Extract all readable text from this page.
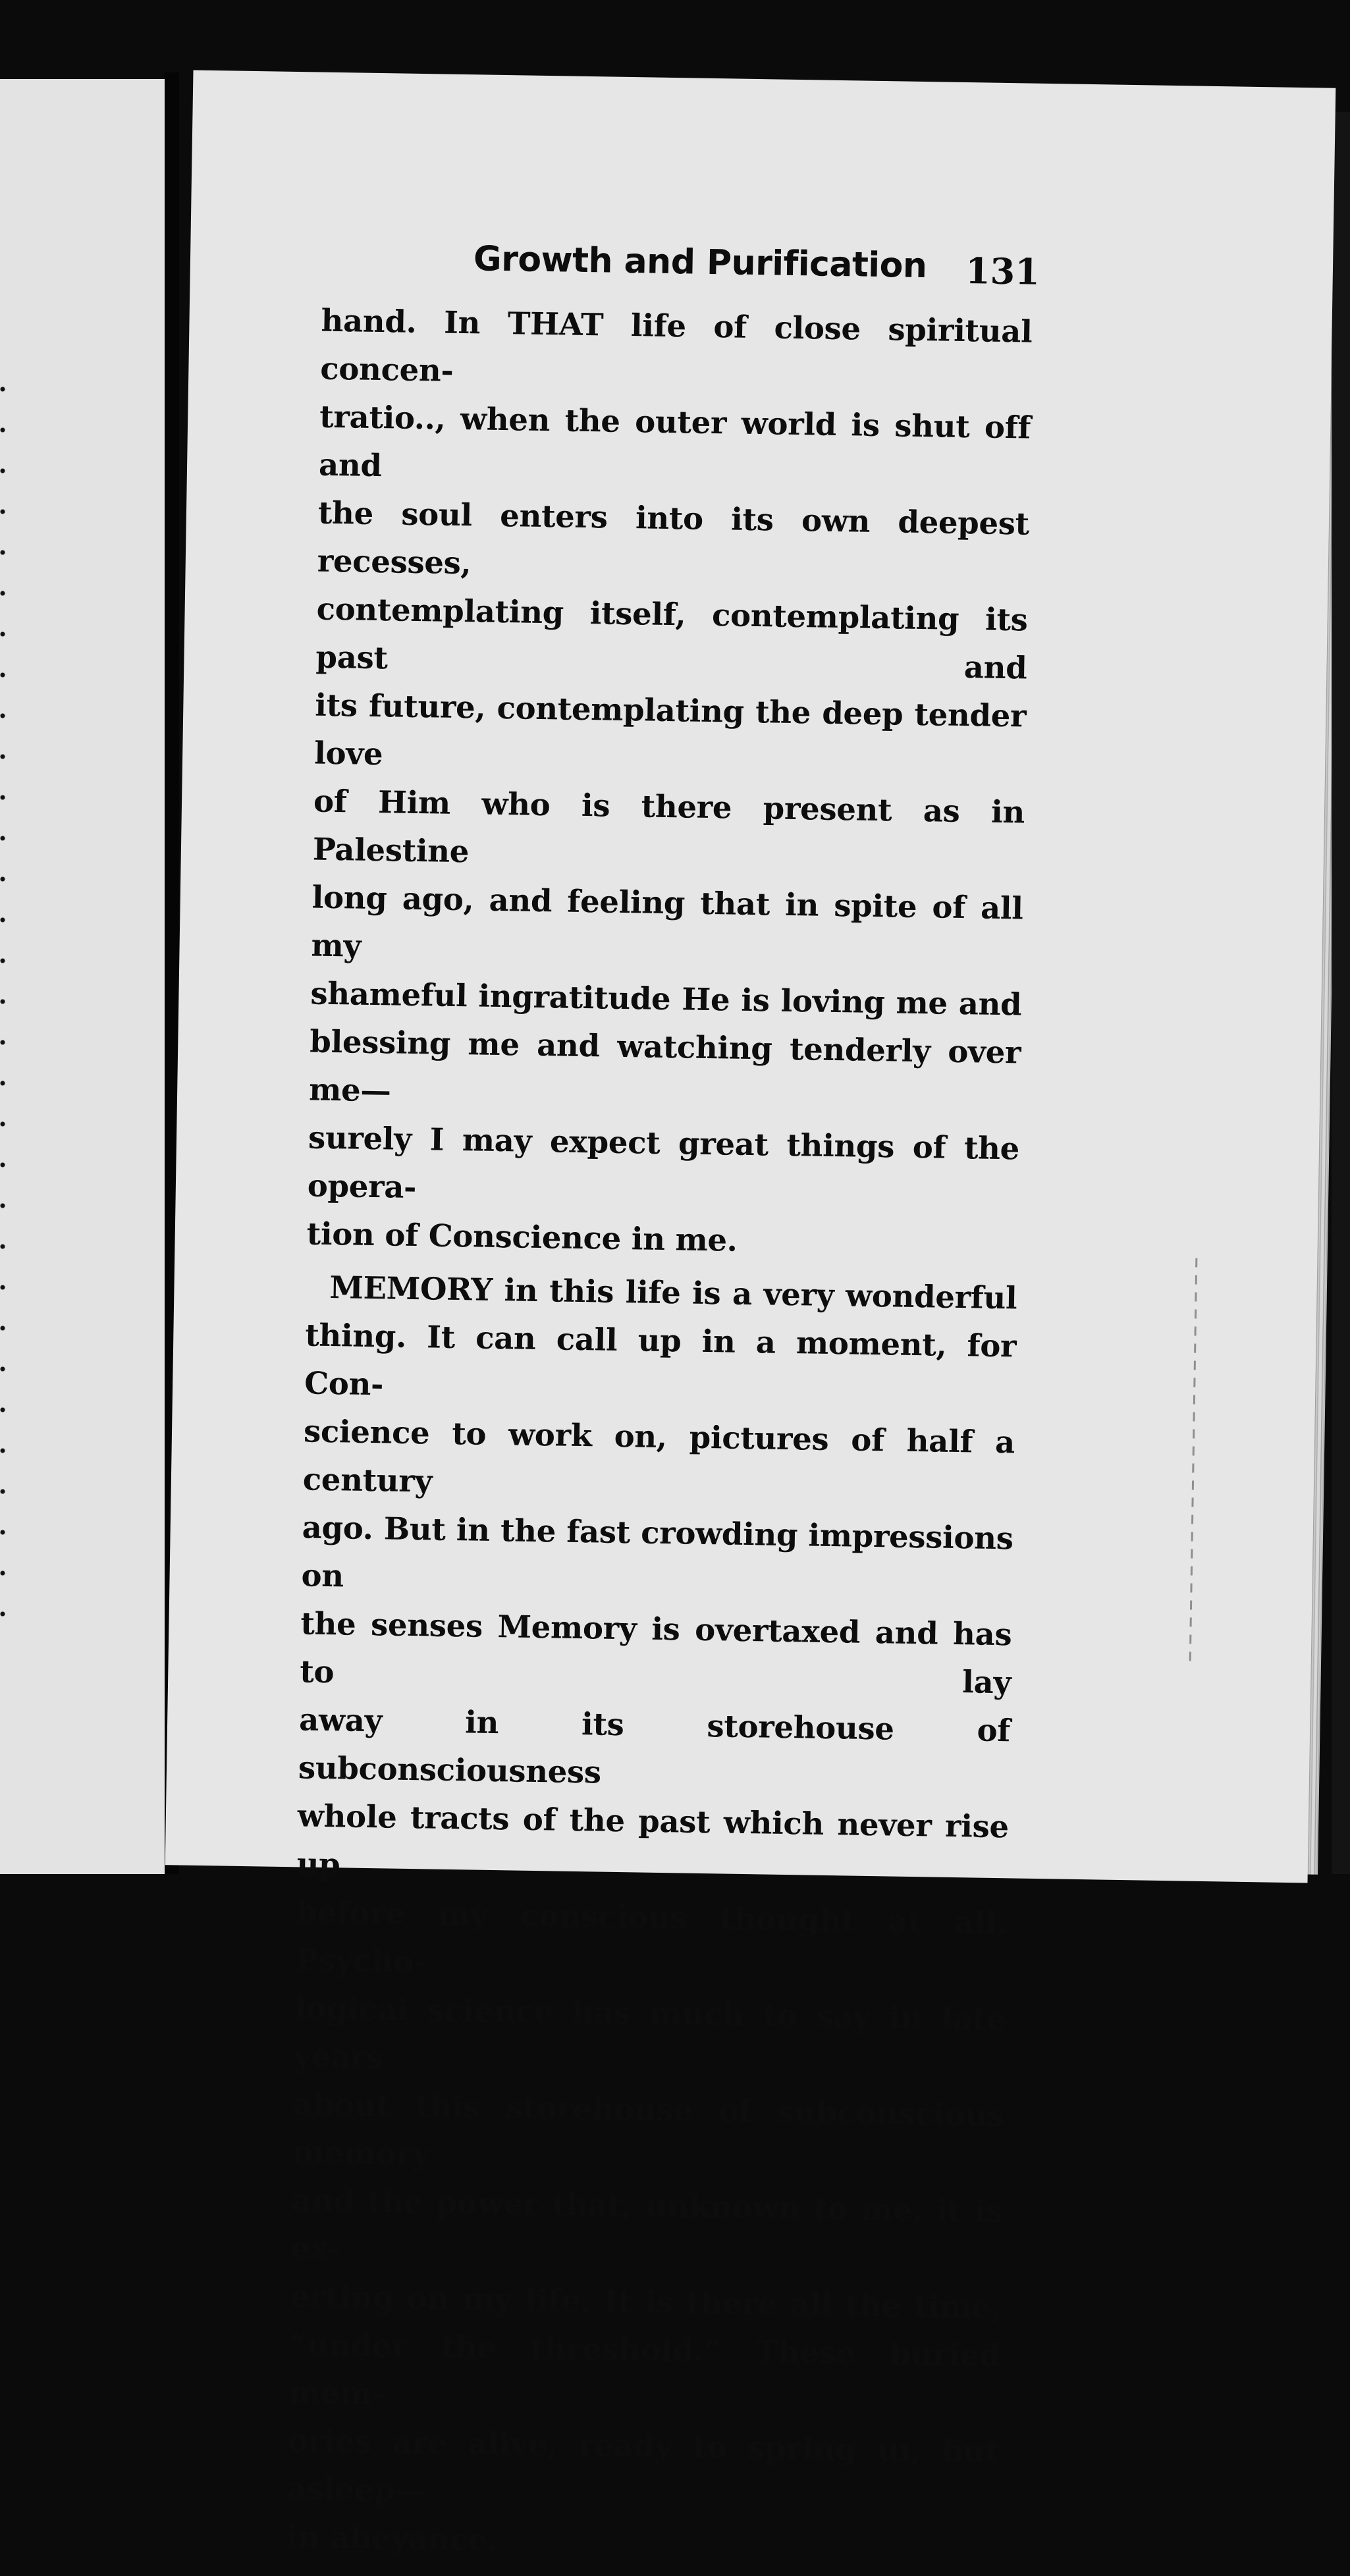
Growth and Purification 131

hand. In THAT life of close spiritual concen-
tratio.., when the outer world is shut off and
the soul enters into its own deepest recesses,
contemplating itself, contemplating its past and
its future, contemplating the deep tender love
of Him who is there present as in Palestine
long ago, and feeling that in spite of all my
shameful ingratitude He is loving me and
blessing me and watching tenderly over me—
surely I may expect great things of the opera-
tion of Conscience in me.

MEMORY in this life is a very wonderful
thing. It can call up in a moment, for Con-
science to work on, pictures of half a century
ago. But in the fast crowding impressions on
the senses Memory is overtaxed and has to lay
away in its storehouse of subconsciousness
whole tracts of the past which never rise up
before my conscious thought at all. Psycho-
logicai science has much to say in late years
about this storehouse of subconscious memory
and the power that, unknown to me, it is ex-
erting on my life. It is there all the time,
“under the threshold.” These buried mem-
ories are alive, ready to spring uɪ, but asleep—
in abeyance.
